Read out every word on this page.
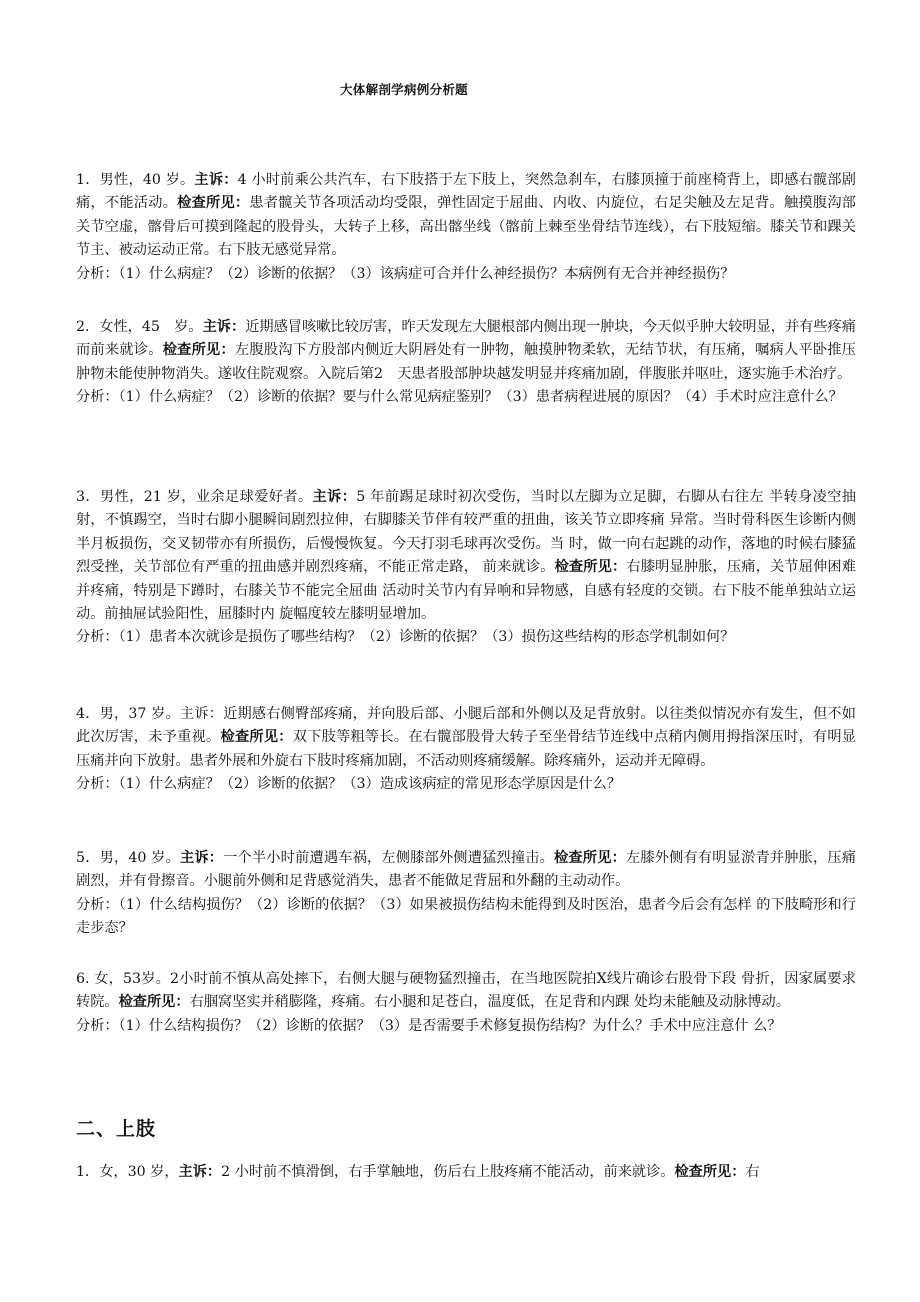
大体解剖学病例分析题

1．男性，40 岁。主诉：4 小时前乘公共汽车，右下肢搭于左下肢上，突然急刹车，右膝顶撞于前座椅背上，即感右髋部剧痛，不能活动。检查所见：患者髋关节各项活动均受限，弹性固定于屈曲、内收、内旋位，右足尖触及左足背。触摸腹沟部关节空虚，髂骨后可摸到隆起的股骨头，大转子上移，高出髂坐线（髂前上棘至坐骨结节连线），右下肢短缩。膝关节和踝关节主、被动运动正常。右下肢无感觉异常。

分析：（1）什么病症？（2）诊断的依据？（3）该病症可合并什么神经损伤？本病例有无合并神经损伤？

2．女性，45　岁。主诉：近期感冒咳嗽比较厉害，昨天发现左大腿根部内侧出现一肿块，今天似乎肿大较明显，并有些疼痛而前来就诊。检查所见：左腹股沟下方股部内侧近大阴唇处有一肿物，触摸肿物柔软，无结节状，有压痛，嘱病人平卧推压肿物未能使肿物消失。遂收住院观察。入院后第2　天患者股部肿块越发明显并疼痛加剧，伴腹胀并呕吐，逐实施手术治疗。

分析：（1）什么病症？（2）诊断的依据？要与什么常见病症鉴别？（3）患者病程进展的原因？（4）手术时应注意什么？

3．男性，21 岁，业余足球爱好者。主诉：5 年前踢足球时初次受伤，当时以左脚为立足脚，右脚从右往左 半转身凌空抽射，不慎踢空，当时右脚小腿瞬间剧烈拉伸，右脚膝关节伴有较严重的扭曲，该关节立即疼痛 异常。当时骨科医生诊断内侧半月板损伤，交叉韧带亦有所损伤，后慢慢恢复。今天打羽毛球再次受伤。当 时，做一向右起跳的动作，落地的时候右膝猛烈受挫，关节部位有严重的扭曲感并剧烈疼痛，不能正常走路， 前来就诊。检查所见：右膝明显肿胀，压痛，关节屈伸困难并疼痛，特别是下蹲时，右膝关节不能完全屈曲 活动时关节内有异响和异物感，自感有轻度的交锁。右下肢不能单独站立运动。前抽屉试验阳性，屈膝时内 旋幅度较左膝明显增加。

分析：（1）患者本次就诊是损伤了哪些结构？（2）诊断的依据？（3）损伤这些结构的形态学机制如何？

4．男，37 岁。主诉：近期感右侧臀部疼痛，并向股后部、小腿后部和外侧以及足背放射。以往类似情况亦有发生，但不如此次厉害，未予重视。检查所见：双下肢等粗等长。在右髋部股骨大转子至坐骨结节连线中点稍内侧用拇指深压时，有明显压痛并向下放射。患者外展和外旋右下肢时疼痛加剧，不活动则疼痛缓解。除疼痛外，运动并无障碍。

分析：（1）什么病症？（2）诊断的依据？（3）造成该病症的常见形态学原因是什么？

5．男，40 岁。主诉：一个半小时前遭遇车祸，左侧膝部外侧遭猛烈撞击。检查所见：左膝外侧有有明显淤青并肿胀，压痛剧烈，并有骨擦音。小腿前外侧和足背感觉消失，患者不能做足背屈和外翻的主动动作。

分析：（1）什么结构损伤？（2）诊断的依据？（3）如果被损伤结构未能得到及时医治，患者今后会有怎样 的下肢畸形和行走步态？

6. 女，53岁。2小时前不慎从高处摔下，右侧大腿与硬物猛烈撞击，在当地医院拍X线片确诊右股骨下段 骨折，因家属要求转院。检查所见：右腘窝坚实并稍膨隆，疼痛。右小腿和足苍白，温度低，在足背和内踝 处均未能触及动脉博动。

分析：（1）什么结构损伤？（2）诊断的依据？（3）是否需要手术修复损伤结构？为什么？手术中应注意什 么？

二、上肢

1．女，30 岁，主诉：2 小时前不慎滑倒，右手掌触地，伤后右上肢疼痛不能活动，前来就诊。检查所见：右
